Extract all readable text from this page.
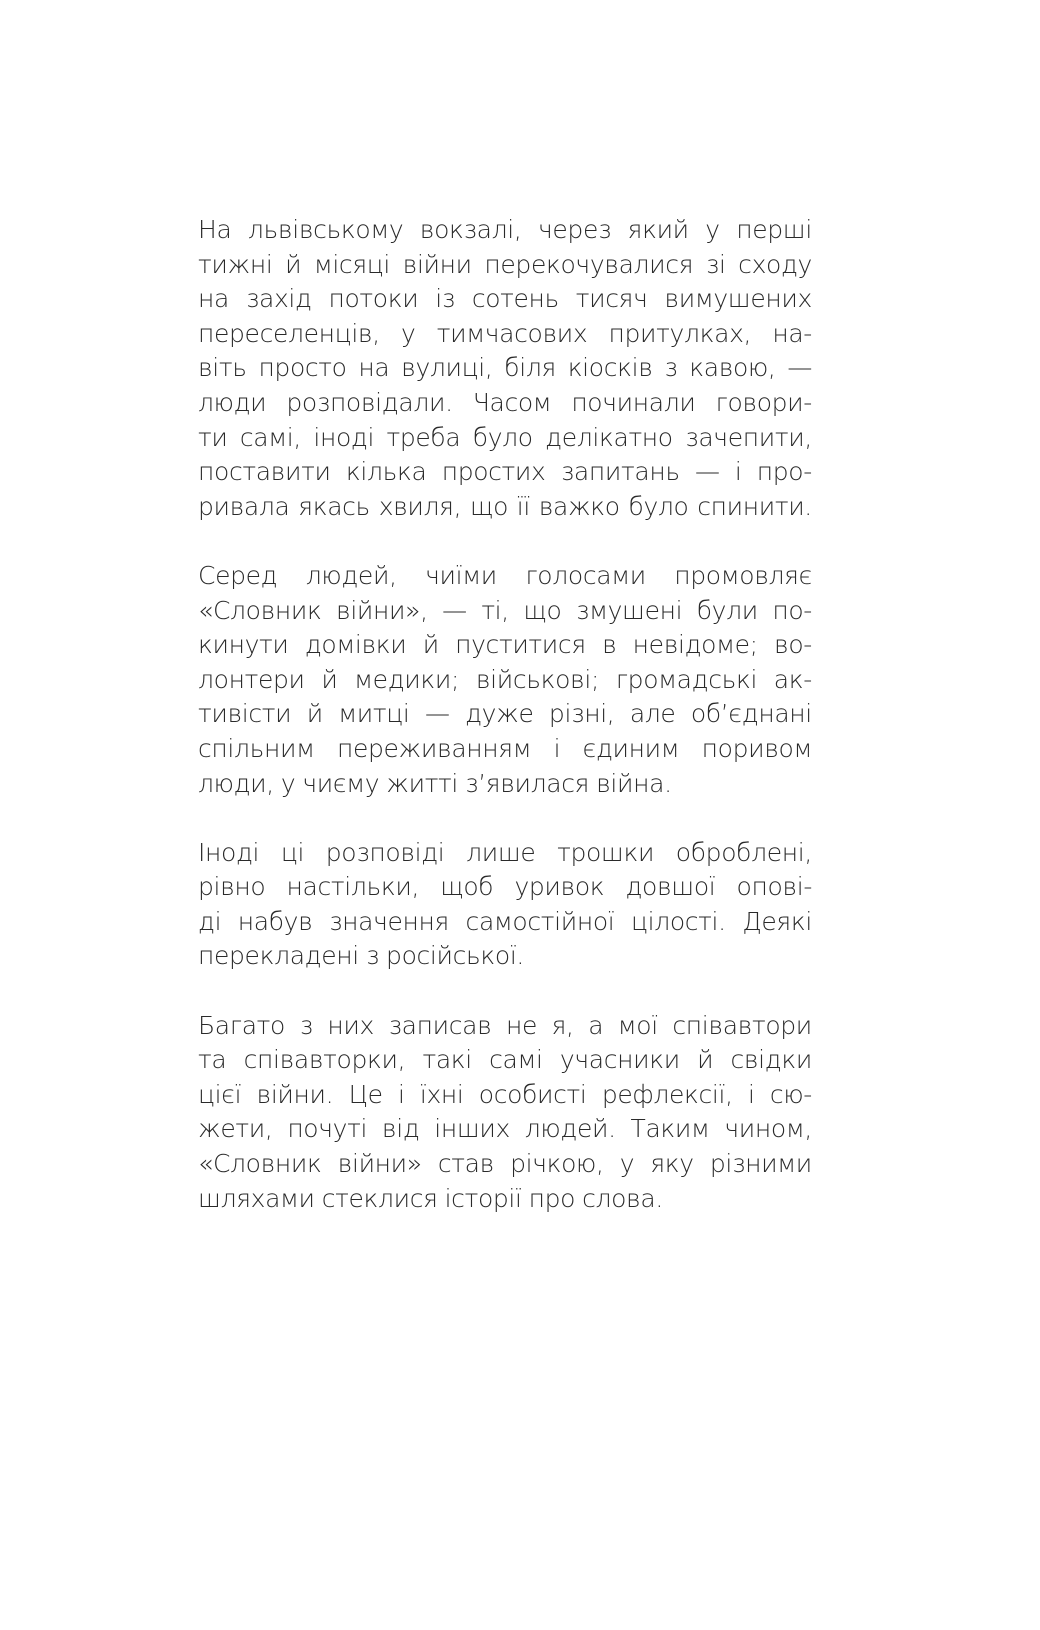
На львівському вокзалі, через який у перші
тижні й місяці війни перекочувалися зі сходу
на захід потоки із сотень тисяч вимушених
переселенців, у тимчасових притулках, на-
віть просто на вулиці, біля кіосків з кавою, —
люди розповідали. Часом починали говори-
ти самі, іноді треба було делікатно зачепити,
поставити кілька простих запитань — і про-
ривала якась хвиля, що її важко було спинити.
Серед людей, чиїми голосами промовляє
«Словник війни», — ті, що змушені були по-
кинути домівки й пуститися в невідоме; во-
лонтери й медики; військові; громадські ак-
тивісти й митці — дуже різні, але об’єднані
спільним переживанням і єдиним поривом
люди, у чиєму житті з’явилася війна.
Іноді ці розповіді лише трошки оброблені,
рівно настільки, щоб уривок довшої опові-
ді набув значення самостійної цілості. Деякі
перекладені з російської.
Багато з них записав не я, а мої співавтори
та співавторки, такі самі учасники й свідки
цієї війни. Це і їхні особисті рефлексії, і сю-
жети, почуті від інших людей. Таким чином,
«Словник війни» став річкою, у яку різними
шляхами стеклися історії про слова.
